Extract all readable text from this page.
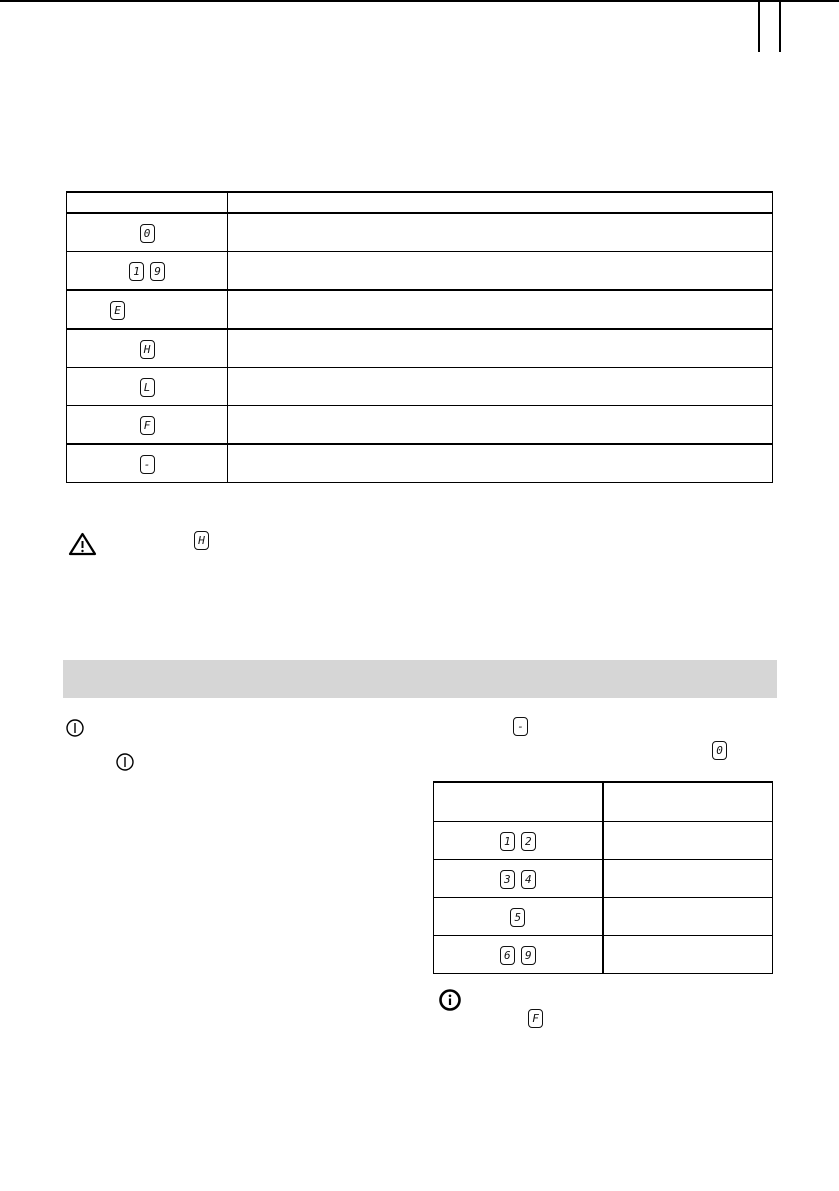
0	
1 9	
E	
H	
L	
F	
-	
H
-
0

1 2	
3 4	
5	
6 9	
F
